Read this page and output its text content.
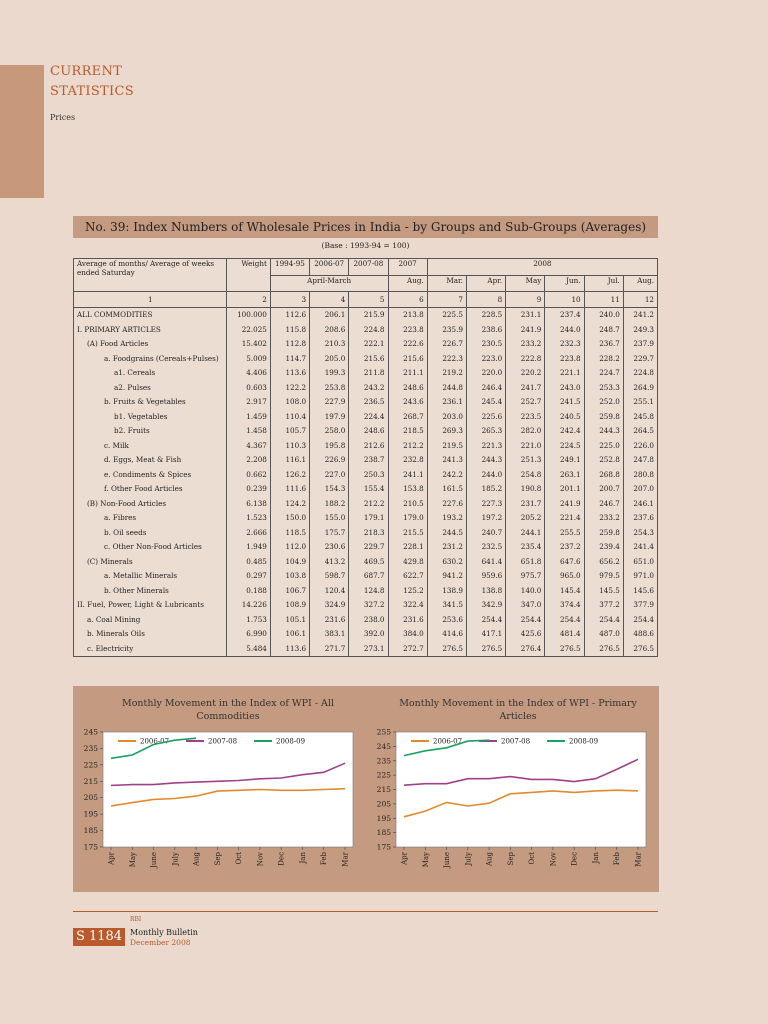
CURRENT
STATISTICS
Prices
No. 39: Index Numbers of Wholesale Prices in India - by Groups and Sub-Groups (Averages)
(Base : 1993-94 = 100)
Average of months/ Average of weeks ended Saturday	Weight	1994-95	2006-07	2007-08	2007	2008					
		April-March			Aug.	Mar.	Apr.	May	Jun.	Jul.	Aug.
1	2	3	4	5	6	7	8	9	10	11	12
ALL COMMODITIES	100.000	112.6	206.1	215.9	213.8	225.5	228.5	231.1	237.4	240.0	241.2
I. PRIMARY ARTICLES	22.025	115.8	208.6	224.8	223.8	235.9	238.6	241.9	244.0	248.7	249.3
(A) Food Articles	15.402	112.8	210.3	222.1	222.6	226.7	230.5	233.2	232.3	236.7	237.9
a. Foodgrains (Cereals+Pulses)	5.009	114.7	205.0	215.6	215.6	222.3	223.0	222.8	223.8	228.2	229.7
a1. Cereals	4.406	113.6	199.3	211.8	211.1	219.2	220.0	220.2	221.1	224.7	224.8
a2. Pulses	0.603	122.2	253.8	243.2	248.6	244.8	246.4	241.7	243.0	253.3	264.9
b. Fruits & Vegetables	2.917	108.0	227.9	236.5	243.6	236.1	245.4	252.7	241.5	252.0	255.1
b1. Vegetables	1.459	110.4	197.9	224.4	268.7	203.0	225.6	223.5	240.5	259.8	245.8
b2. Fruits	1.458	105.7	258.0	248.6	218.5	269.3	265.3	282.0	242.4	244.3	264.5
c. Milk	4.367	110.3	195.8	212.6	212.2	219.5	221.3	221.0	224.5	225.0	226.0
d. Eggs, Meat & Fish	2.208	116.1	226.9	238.7	232.8	241.3	244.3	251.3	249.1	252.8	247.8
e. Condiments & Spices	0.662	126.2	227.0	250.3	241.1	242.2	244.0	254.8	263.1	268.8	280.8
f. Other Food Articles	0.239	111.6	154.3	155.4	153.8	161.5	185.2	190.8	201.1	200.7	207.0
(B) Non-Food Articles	6.138	124.2	188.2	212.2	210.5	227.6	227.3	231.7	241.9	246.7	246.1
a. Fibres	1.523	150.0	155.0	179.1	179.0	193.2	197.2	205.2	221.4	233.2	237.6
b. Oil seeds	2.666	118.5	175.7	218.3	215.5	244.5	240.7	244.1	255.5	259.8	254.3
c. Other Non-Food Articles	1.949	112.0	230.6	229.7	228.1	231.2	232.5	235.4	237.2	239.4	241.4
(C) Minerals	0.485	104.9	413.2	469.5	429.8	630.2	641.4	651.8	647.6	656.2	651.0
a. Metallic Minerals	0.297	103.8	598.7	687.7	622.7	941.2	959.6	975.7	965.0	979.5	971.0
b. Other Minerals	0.188	106.7	120.4	124.8	125.2	138.9	138.8	140.0	145.4	145.5	145.6
II. Fuel, Power, Light & Lubricants	14.226	108.9	324.9	327.2	322.4	341.5	342.9	347.0	374.4	377.2	377.9
a. Coal Mining	1.753	105.1	231.6	238.0	231.6	253.6	254.4	254.4	254.4	254.4	254.4
b. Minerals Oils	6.990	106.1	383.1	392.0	384.0	414.6	417.1	425.6	481.4	487.0	488.6
c. Electricity	5.484	113.6	271.7	273.1	272.7	276.5	276.5	276.4	276.5	276.5	276.5
Monthly Movement in the Index of WPI - All Commodities
Monthly Movement in the Index of WPI - Primary Articles
175
185
195
205
215
225
235
245
Apr May June July Aug Sep Oct Nov Dec Jan Feb Mar
2006-07	2007-08	2008-09
175
185
195
205
215
225
235
245
255
Apr May June July Aug Sep Oct Nov Dec Jan Feb Mar
2006-07	2007-08	2008-09
S 1184
RBI
Monthly Bulletin
December 2008
